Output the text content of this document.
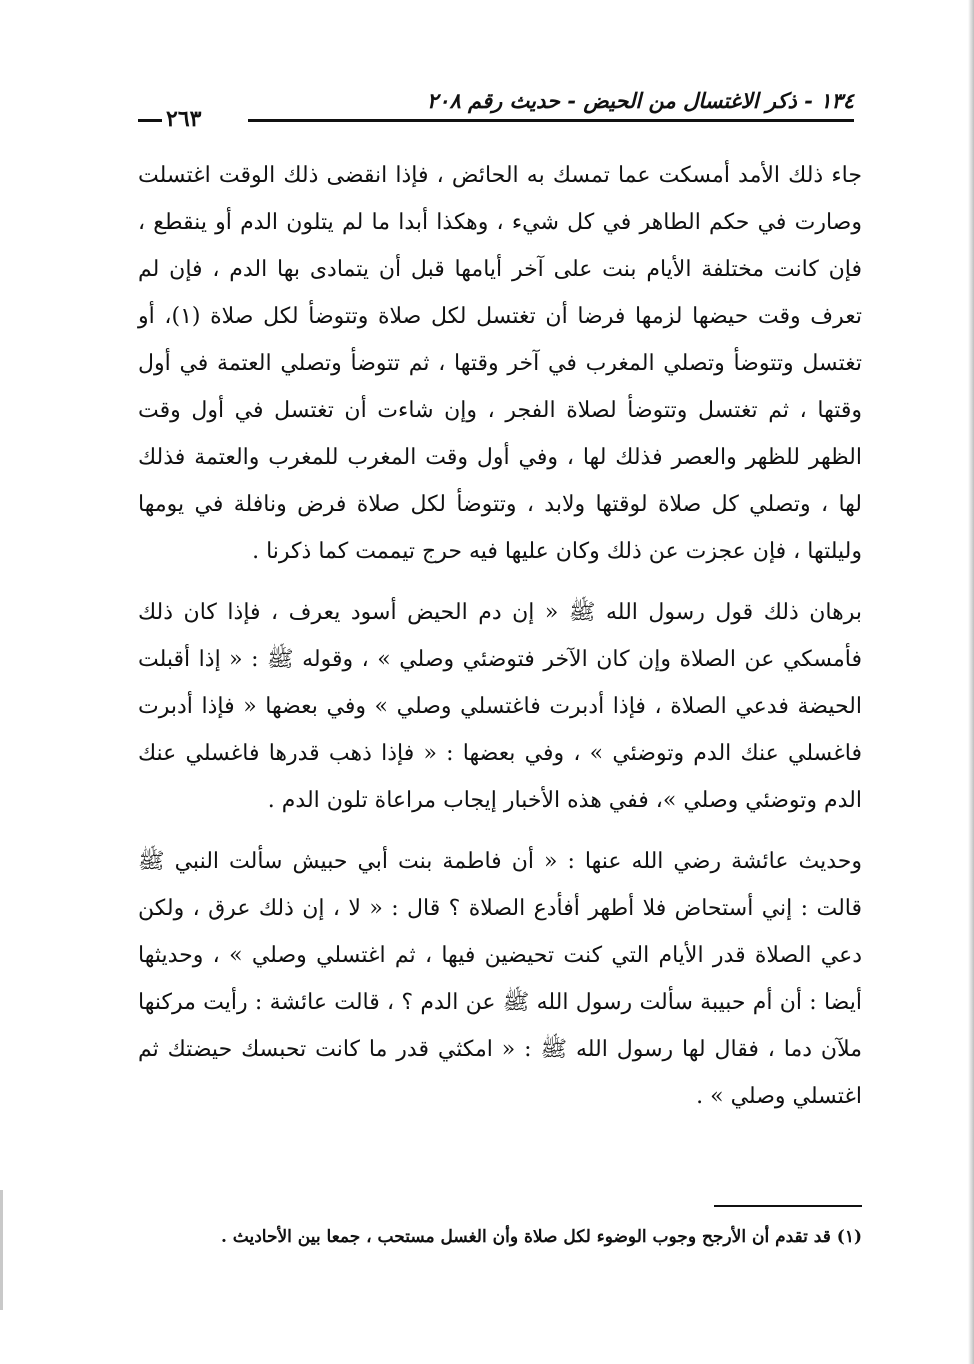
١٣٤ - ذكر الاغتسال من الحيض - حديث رقم ٢٠٨
٢٦٣

جاء ذلك الأمد أمسكت عما تمسك به الحائض ، فإذا انقضى ذلك الوقت اغتسلت وصارت في حكم الطاهر في كل شيء ، وهكذا أبدا ما لم يتلون الدم أو ينقطع ، فإن كانت مختلفة الأيام بنت على آخر أيامها قبل أن يتمادى بها الدم ، فإن لم تعرف وقت حيضها لزمها فرضا أن تغتسل لكل صلاة وتتوضأ لكل صلاة (١)، أو تغتسل وتتوضأ وتصلي المغرب في آخر وقتها ، ثم تتوضأ وتصلي العتمة في أول وقتها ، ثم تغتسل وتتوضأ لصلاة الفجر ، وإن شاءت أن تغتسل في أول وقت الظهر للظهر والعصر فذلك لها ، وفي أول وقت المغرب للمغرب والعتمة فذلك لها ، وتصلي كل صلاة لوقتها ولابد ، وتتوضأ لكل صلاة فرض ونافلة في يومها وليلتها ، فإن عجزت عن ذلك وكان عليها فيه حرج تيممت كما ذكرنا .

برهان ذلك قول رسول الله ﷺ « إن دم الحيض أسود يعرف ، فإذا كان ذلك فأمسكي عن الصلاة وإن كان الآخر فتوضئي وصلي » ، وقوله ﷺ : « إذا أقبلت الحيضة فدعي الصلاة ، فإذا أدبرت فاغتسلي وصلي » وفي بعضها « فإذا أدبرت فاغسلي عنك الدم وتوضئي » ، وفي بعضها : « فإذا ذهب قدرها فاغسلي عنك الدم وتوضئي وصلي »، ففي هذه الأخبار إيجاب مراعاة تلون الدم .

وحديث عائشة رضي الله عنها : « أن فاطمة بنت أبي حبيش سألت النبي ﷺ قالت : إني أستحاض فلا أطهر أفأدع الصلاة ؟ قال : « لا ، إن ذلك عرق ، ولكن دعي الصلاة قدر الأيام التي كنت تحيضين فيها ، ثم اغتسلي وصلي » ، وحديثها أيضا : أن أم حبيبة سألت رسول الله ﷺ عن الدم ؟ ، قالت عائشة : رأيت مركنها ملآن دما ، فقال لها رسول الله ﷺ : « امكثي قدر ما كانت تحبسك حيضتك ثم اغتسلي وصلي » .

(١) قد تقدم أن الأرجح وجوب الوضوء لكل صلاة وأن الغسل مستحب ، جمعا بين الأحاديث .
